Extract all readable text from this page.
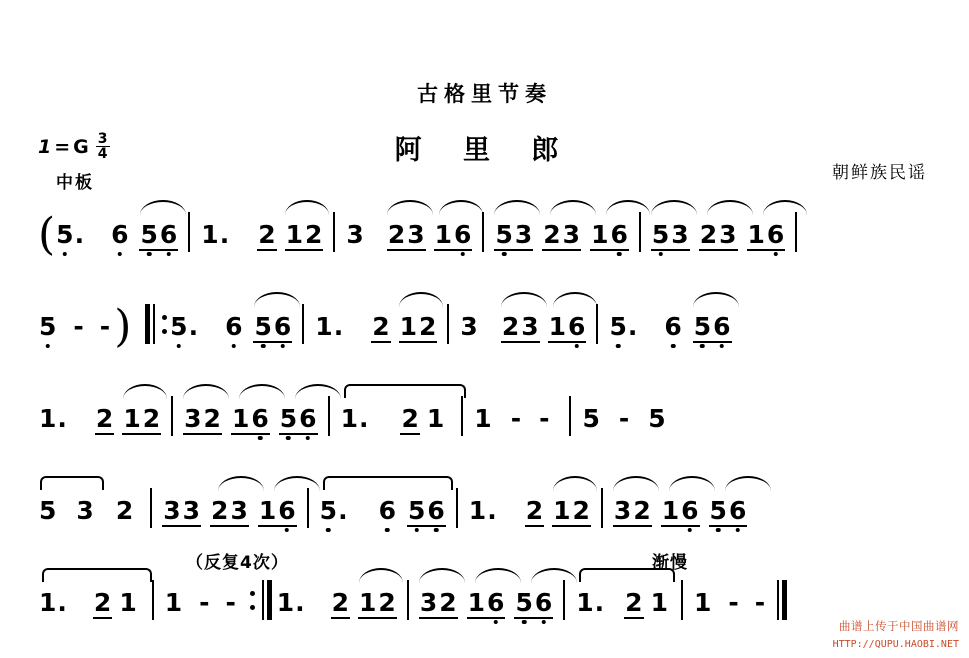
古格里节奏
阿 里 郎
朝鲜族民谣
1 = G $\frac{3}{4}$
中板
( 5 . 6 5 6 1 . 2 1 2 3 2 3 1 6 5 3 2 3 1 6 5 3 2 3 1 6
5 - - ) 5 . 6 5 6 1 . 2 1 2 3 2 3 1 6 5 . 6 5 6
1 . 2 1 2 3 2 1 6 5 6 1 . 2 1 1 - - 5 - 5
5 3 2 3 3 2 3 1 6 5 . 6 5 6 1 . 2 1 2 3 2 1 6 5 6
（反复4次）	渐慢
1 . 2 1 1 - - 1 . 2 1 2 3 2 1 6 5 6 1 . 2 1 1 - -
曲谱上传于中国曲谱网
HTTP://QUPU.HAOBI.NET
